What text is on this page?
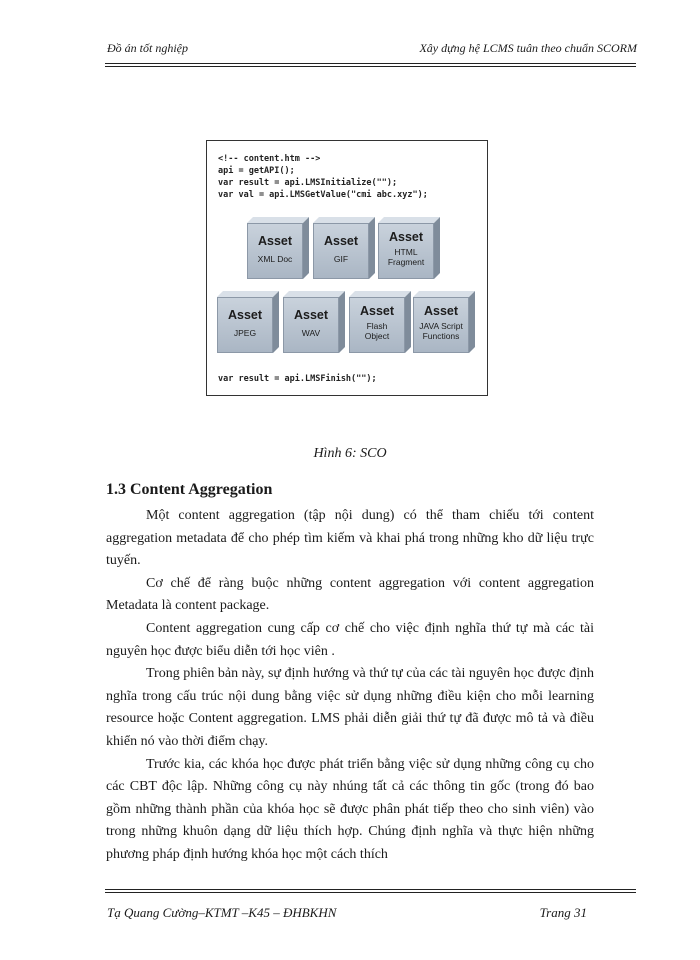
Đồ án tốt nghiệp	Xây dựng hệ LCMS tuân theo chuẩn SCORM
<!-- content.htm -->
api = getAPI();
var result = api.LMSInitialize("");
var val = api.LMSGetValue("cmi abc.xyz");
Asset
XML Doc
Asset
GIF
Asset
HTML
Fragment
Asset
JPEG
Asset
WAV
Asset
Flash
Object
Asset
JAVA Script
Functions
var result = api.LMSFinish("");
Hình 6: SCO
1.3 Content Aggregation

Một content aggregation (tập nội dung) có thể tham chiếu tới content aggregation metadata để cho phép tìm kiếm và khai phá trong những kho dữ liệu trực tuyến.

Cơ chế để ràng buộc những content aggregation với content aggregation Metadata là content package.

Content aggregation cung cấp cơ chế cho việc định nghĩa thứ tự mà các tài nguyên học được biểu diễn tới học viên .

Trong phiên bản này, sự định hướng và thứ tự của các tài nguyên học được định nghĩa trong cấu trúc nội dung bằng việc sử dụng những điều kiện cho mỗi learning resource hoặc Content aggregation. LMS phải diễn giải thứ tự đã được mô tả và điều khiển nó vào thời điểm chạy.

Trước kia, các khóa học được phát triển bằng việc sử dụng những công cụ cho các CBT độc lập. Những công cụ này nhúng tất cả các thông tin gốc (trong đó bao gồm những thành phần của khóa học sẽ được phân phát tiếp theo cho sinh viên) vào trong những khuôn dạng dữ liệu thích hợp. Chúng định nghĩa và thực hiện những phương pháp định hướng khóa học một cách thích

Tạ Quang Cường–KTMT –K45 – ĐHBKHN	Trang 31
